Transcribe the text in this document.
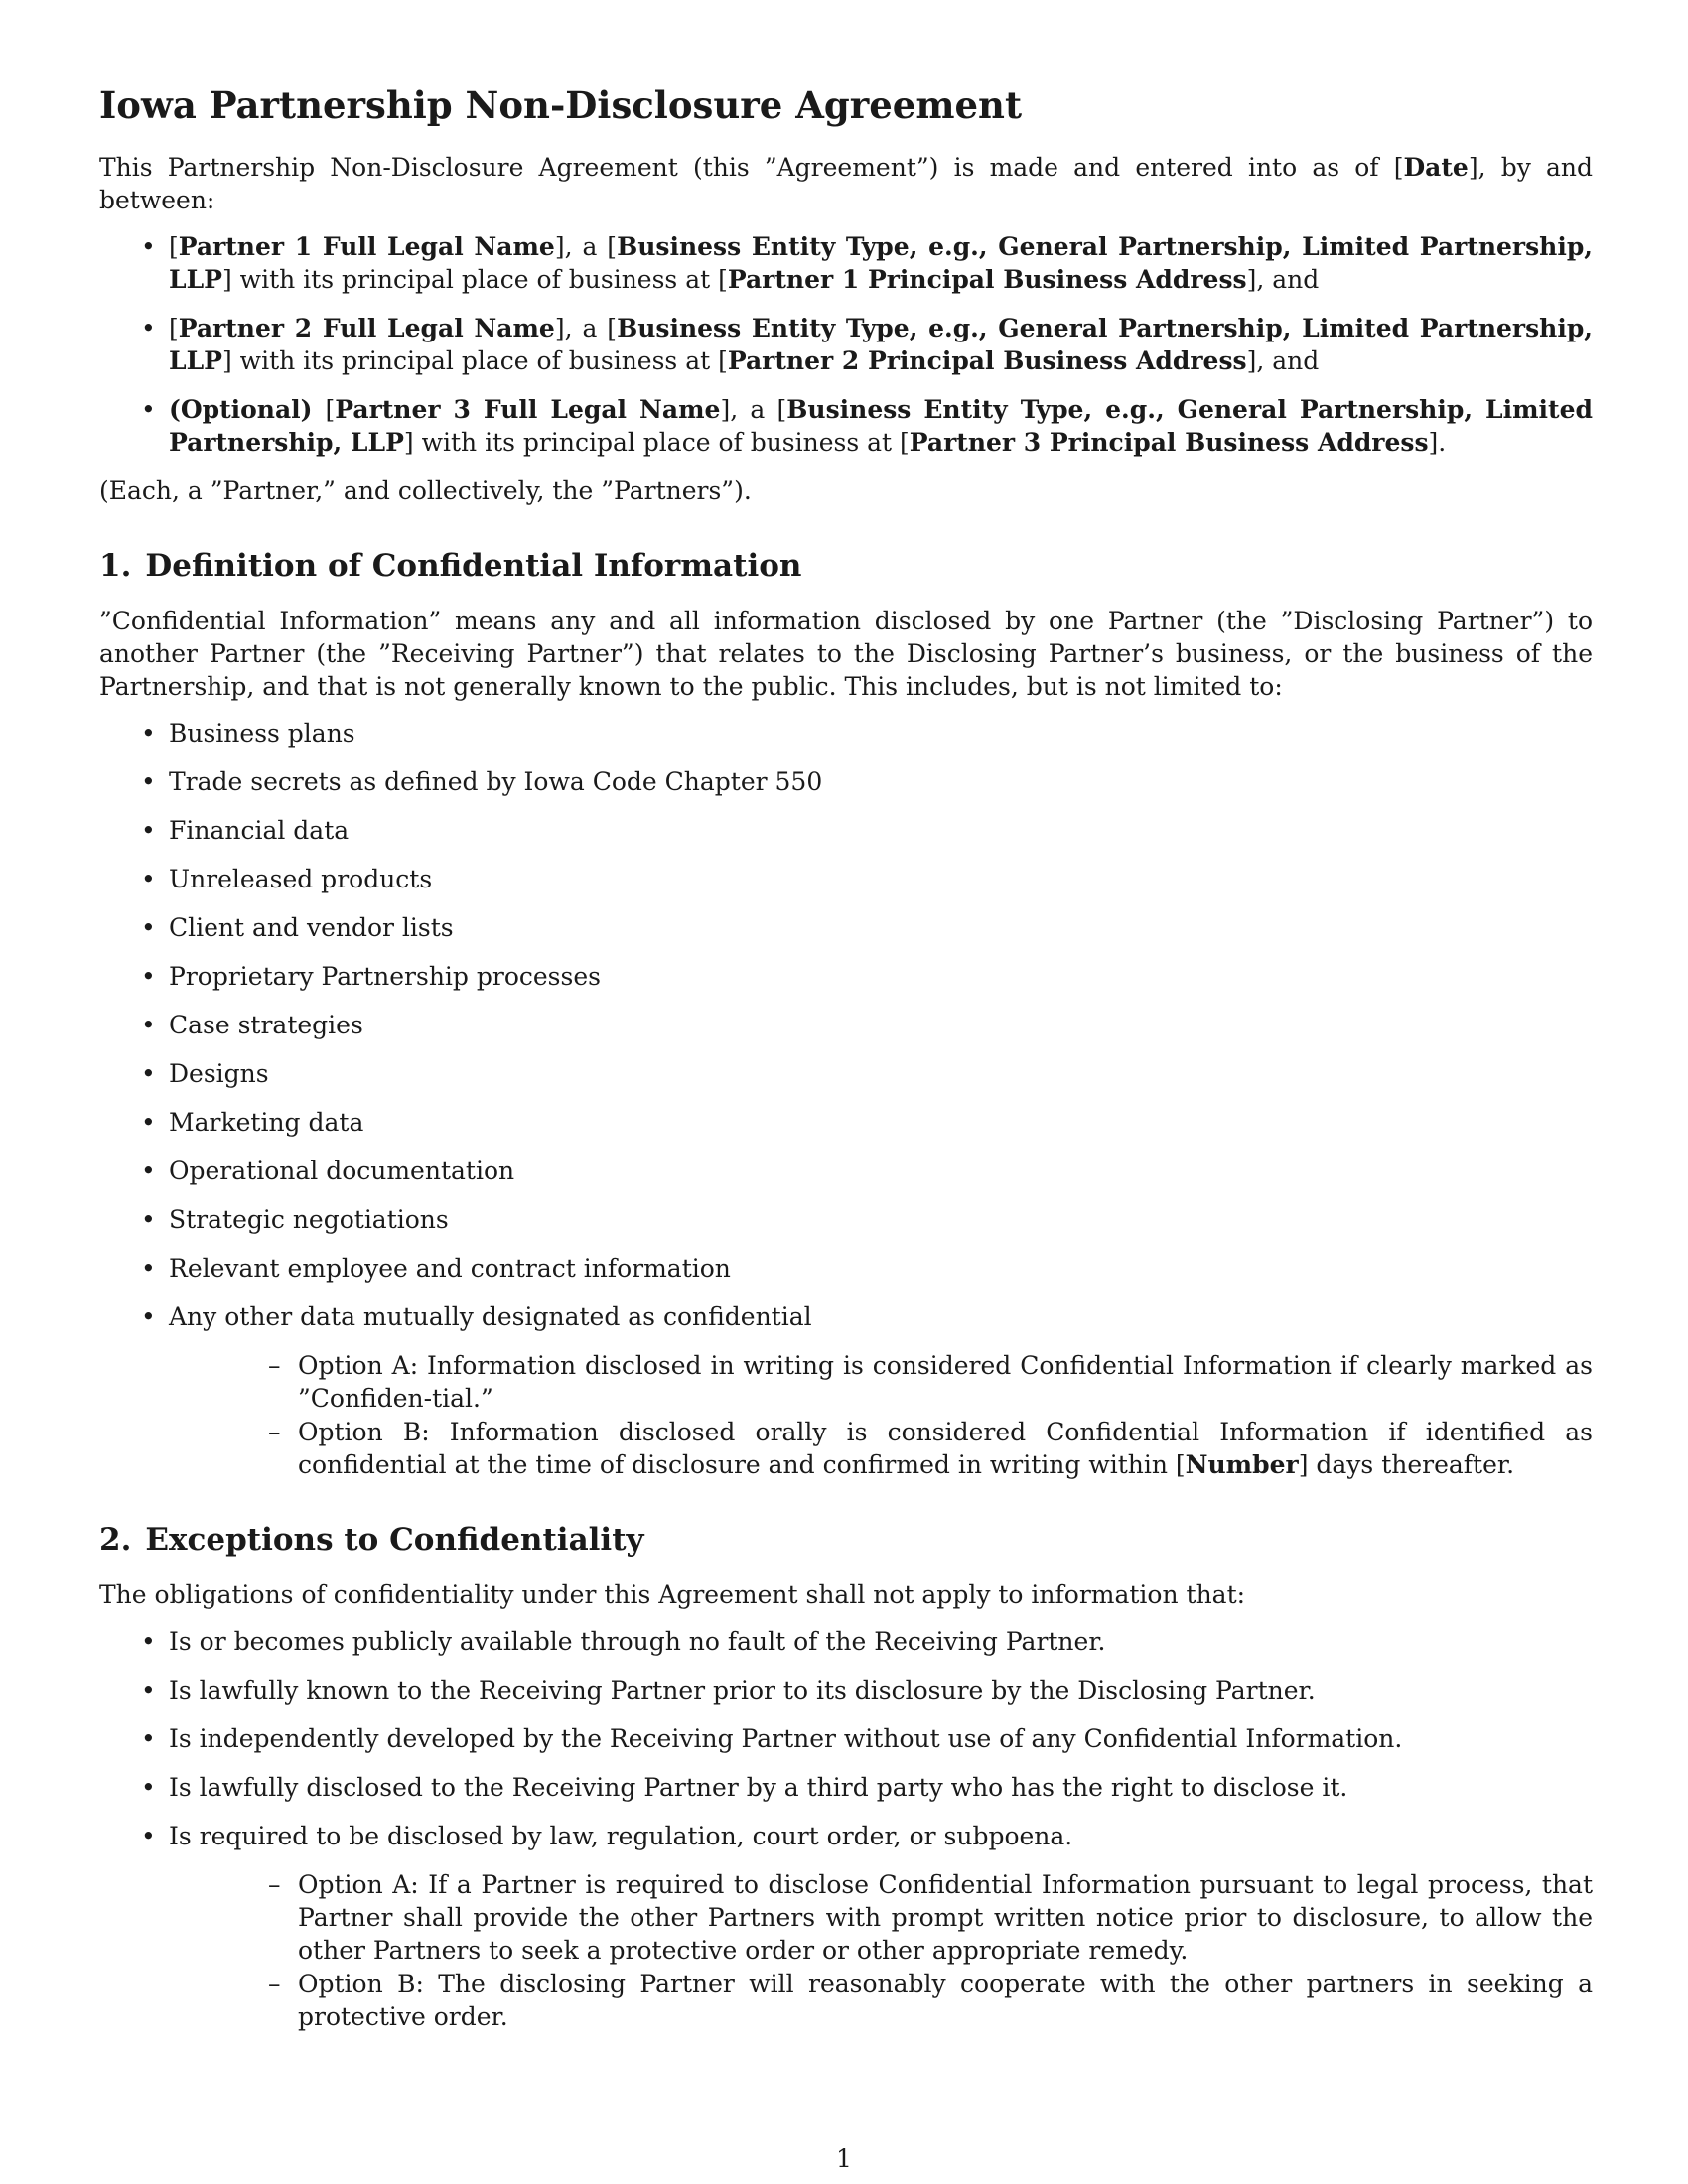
Iowa Partnership Non-Disclosure Agreement

This Partnership Non-Disclosure Agreement (this ”Agreement”) is made and entered into as of [Date], by and between:

• [Partner 1 Full Legal Name], a [Business Entity Type, e.g., General Partnership, Limited Partnership, LLP] with its principal place of business at [Partner 1 Principal Business Address], and
• [Partner 2 Full Legal Name], a [Business Entity Type, e.g., General Partnership, Limited Partnership, LLP] with its principal place of business at [Partner 2 Principal Business Address], and
• (Optional) [Partner 3 Full Legal Name], a [Business Entity Type, e.g., General Partnership, Limited Partnership, LLP] with its principal place of business at [Partner 3 Principal Business Address].

(Each, a ”Partner,” and collectively, the ”Partners”).

1. Definition of Confidential Information

”Confidential Information” means any and all information disclosed by one Partner (the ”Disclosing Partner”) to another Partner (the ”Receiving Partner”) that relates to the Disclosing Partner’s business, or the business of the Partnership, and that is not generally known to the public. This includes, but is not limited to:

• Business plans
• Trade secrets as defined by Iowa Code Chapter 550
• Financial data
• Unreleased products
• Client and vendor lists
• Proprietary Partnership processes
• Case strategies
• Designs
• Marketing data
• Operational documentation
• Strategic negotiations
• Relevant employee and contract information
• Any other data mutually designated as confidential
– Option A: Information disclosed in writing is considered Confidential Information if clearly marked as ”Confiden-tial.”
– Option B: Information disclosed orally is considered Confidential Information if identified as confidential at the time of disclosure and confirmed in writing within [Number] days thereafter.
2. Exceptions to Confidentiality

The obligations of confidentiality under this Agreement shall not apply to information that:

• Is or becomes publicly available through no fault of the Receiving Partner.
• Is lawfully known to the Receiving Partner prior to its disclosure by the Disclosing Partner.
• Is independently developed by the Receiving Partner without use of any Confidential Information.
• Is lawfully disclosed to the Receiving Partner by a third party who has the right to disclose it.
• Is required to be disclosed by law, regulation, court order, or subpoena.
– Option A: If a Partner is required to disclose Confidential Information pursuant to legal process, that Partner shall provide the other Partners with prompt written notice prior to disclosure, to allow the other Partners to seek a protective order or other appropriate remedy.
– Option B: The disclosing Partner will reasonably cooperate with the other partners in seeking a protective order.
1
